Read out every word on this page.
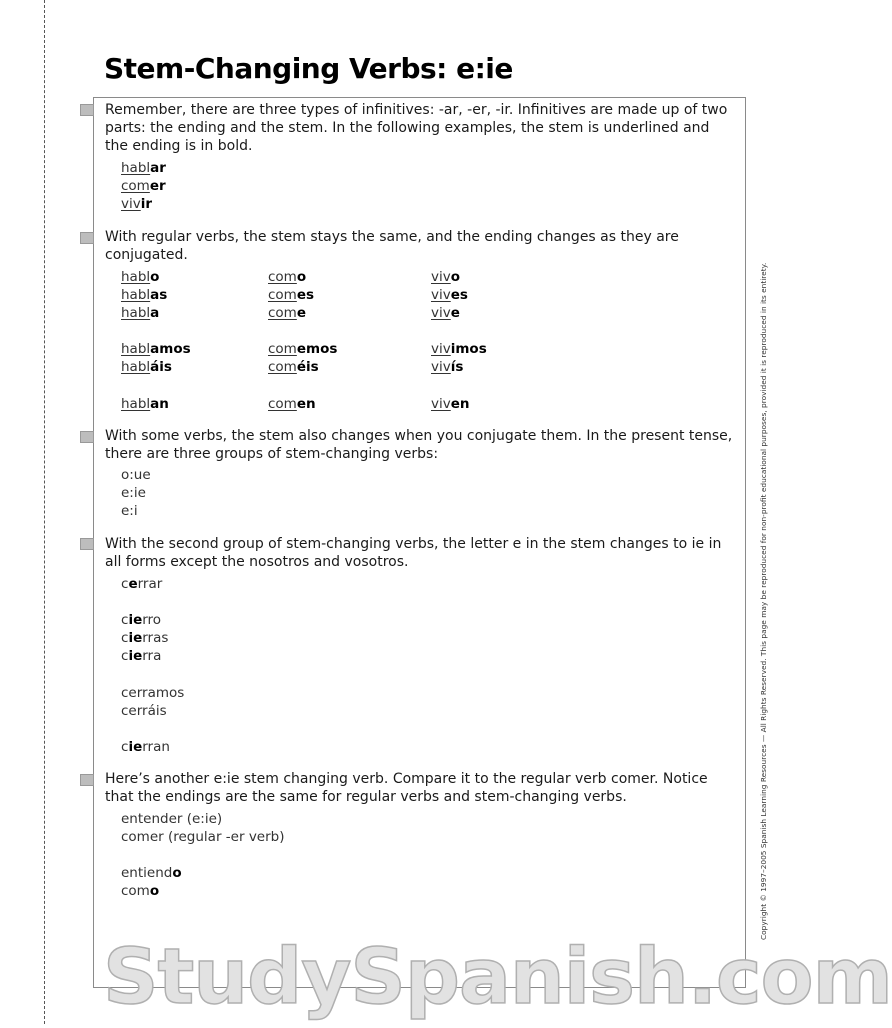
Stem-Changing Verbs: e:ie
Remember, there are three types of infinitives: -ar, -er, -ir. Infinitives are made up of two parts: the ending and the stem. In the following examples, the stem is underlined and the ending is in bold.
hablar
comer
vivir
With regular verbs, the stem stays the same, and the ending changes as they are conjugated.
hablo
hablas
habla
hablamos
habláis
hablan
como
comes
come
comemos
coméis
comen
vivo
vives
vive
vivimos
vivís
viven
With some verbs, the stem also changes when you conjugate them. In the present tense, there are three groups of stem-changing verbs:
o:ue
e:ie
e:i
With the second group of stem-changing verbs, the letter e in the stem changes to ie in all forms except the nosotros and vosotros.
cerrar
cierro
cierras
cierra
cerramos
cerráis
cierran
Here’s another e:ie stem changing verb. Compare it to the regular verb comer. Notice that the endings are the same for regular verbs and stem-changing verbs.
entender (e:ie)
comer (regular -er verb)
entiendo
como	Copyright © 1997–2005 Spanish Learning Resources — All Rights Reserved. This page may be reproduced for non-profit educational purposes, provided it is reproduced in its entirety.
StudySpanish.com
